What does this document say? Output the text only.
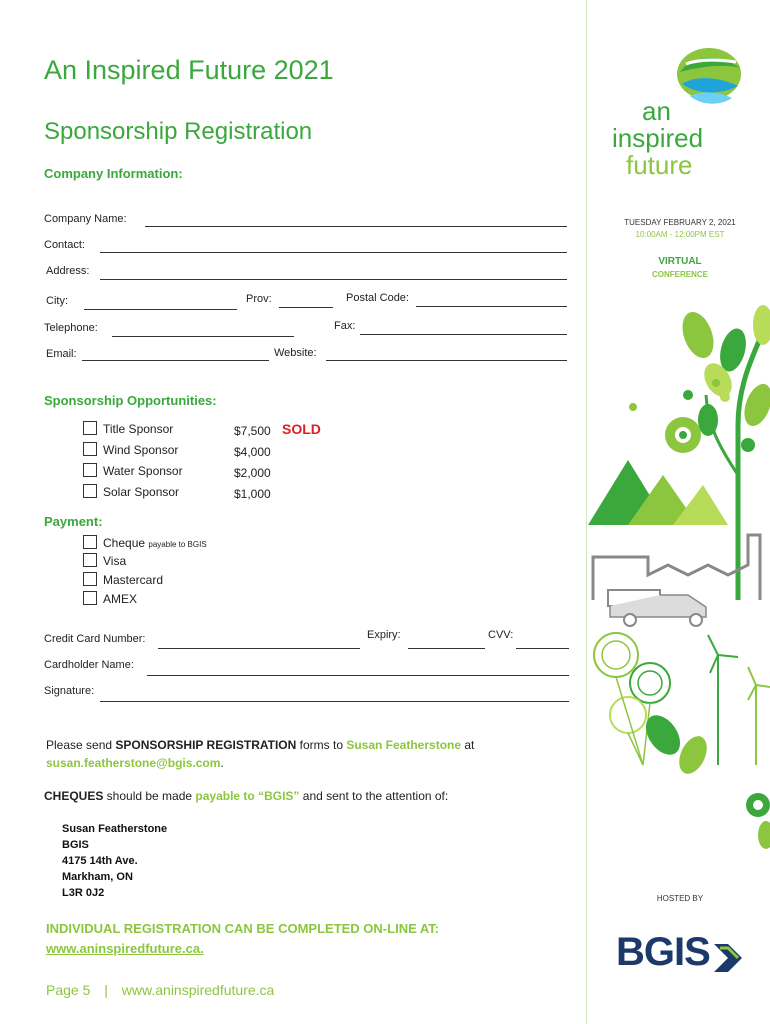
An Inspired Future 2021
Sponsorship Registration
Company Information:
Company Name:
Contact:
Address:
City:	Prov:	Postal Code:
Telephone:	Fax:
Email:	Website:
Sponsorship Opportunities:
Title Sponsor	$7,500 SOLD
Wind Sponsor	$4,000
Water Sponsor	$2,000
Solar Sponsor	$1,000
Payment:
Cheque payable to BGIS
Visa
Mastercard
AMEX
Credit Card Number:	Expiry:	CVV:
Cardholder Name:
Signature:
Please send SPONSORSHIP REGISTRATION forms to Susan Featherstone at
susan.featherstone@bgis.com.
CHEQUES should be made payable to “BGIS” and sent to the attention of:
Susan Featherstone
BGIS
4175 14th Ave.
Markham, ON
L3R 0J2
INDIVIDUAL REGISTRATION CAN BE COMPLETED ON-LINE AT:
www.aninspiredfuture.ca.
Page 5 | www.aninspiredfuture.ca
an
inspired
future
TUESDAY FEBRUARY 2, 2021
10:00AM - 12:00PM EST
VIRTUAL
CONFERENCE
HOSTED BY
BGIS
